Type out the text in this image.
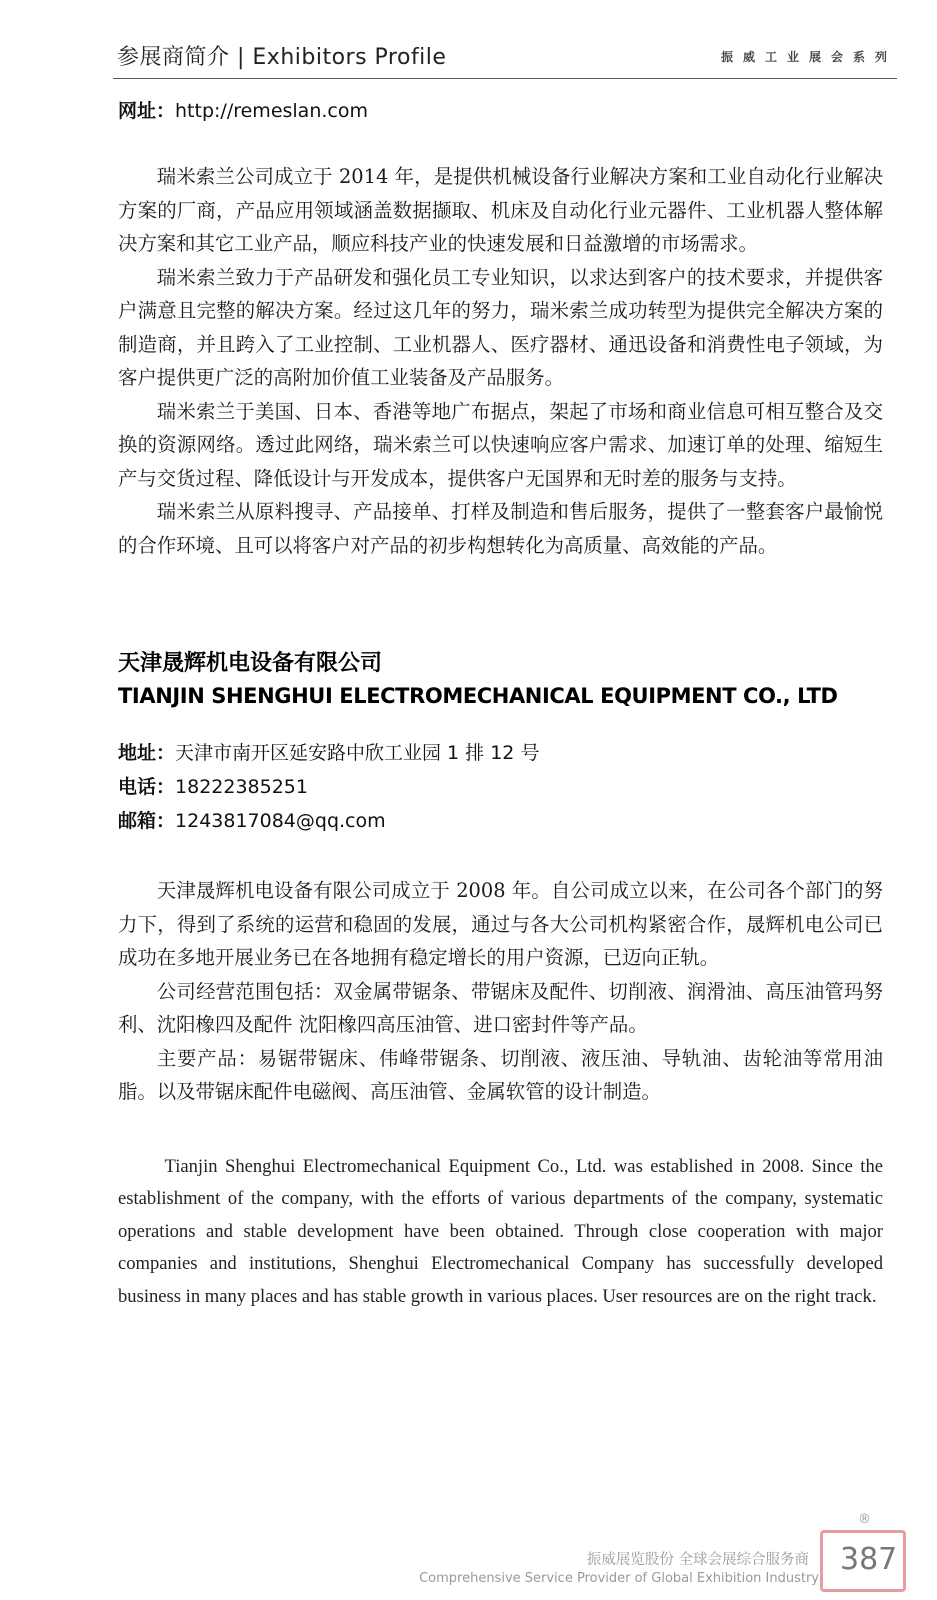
参展商简介 | Exhibitors Profile	振威工业展会系列

网址：http://remeslan.com

瑞米索兰公司成立于 2014 年，是提供机械设备行业解决方案和工业自动化行业解决方案的厂商，产品应用领域涵盖数据撷取、机床及自动化行业元器件、工业机器人整体解决方案和其它工业产品，顺应科技产业的快速发展和日益激增的市场需求。

瑞米索兰致力于产品研发和强化员工专业知识，以求达到客户的技术要求，并提供客户满意且完整的解决方案。经过这几年的努力，瑞米索兰成功转型为提供完全解决方案的制造商，并且跨入了工业控制、工业机器人、医疗器材、通迅设备和消费性电子领域，为客户提供更广泛的高附加价值工业装备及产品服务。

瑞米索兰于美国、日本、香港等地广布据点，架起了市场和商业信息可相互整合及交换的资源网络。透过此网络，瑞米索兰可以快速响应客户需求、加速订单的处理、缩短生产与交货过程、降低设计与开发成本，提供客户无国界和无时差的服务与支持。

瑞米索兰从原料搜寻、产品接单、打样及制造和售后服务，提供了一整套客户最愉悦的合作环境、且可以将客户对产品的初步构想转化为高质量、高效能的产品。

天津晟辉机电设备有限公司

TIANJIN SHENGHUI ELECTROMECHANICAL EQUIPMENT CO., LTD

地址：天津市南开区延安路中欣工业园 1 排 12 号

电话：18222385251

邮箱：1243817084@qq.com

天津晟辉机电设备有限公司成立于 2008 年。自公司成立以来，在公司各个部门的努力下，得到了系统的运营和稳固的发展，通过与各大公司机构紧密合作，晟辉机电公司已成功在多地开展业务已在各地拥有稳定增长的用户资源，已迈向正轨。

公司经营范围包括：双金属带锯条、带锯床及配件、切削液、润滑油、高压油管玛努利、沈阳橡四及配件 沈阳橡四高压油管、进口密封件等产品。

主要产品：易锯带锯床、伟峰带锯条、切削液、液压油、导轨油、齿轮油等常用油脂。以及带锯床配件电磁阀、高压油管、金属软管的设计制造。

Tianjin Shenghui Electromechanical Equipment Co., Ltd. was established in 2008. Since the establishment of the company, with the efforts of various departments of the company, systematic operations and stable development have been obtained. Through close cooperation with major companies and institutions, Shenghui Electromechanical Company has successfully developed business in many places and has stable growth in various places. User resources are on the right track.

®
振威展览股份 全球会展综合服务商
Comprehensive Service Provider of Global Exhibition Industry
387
